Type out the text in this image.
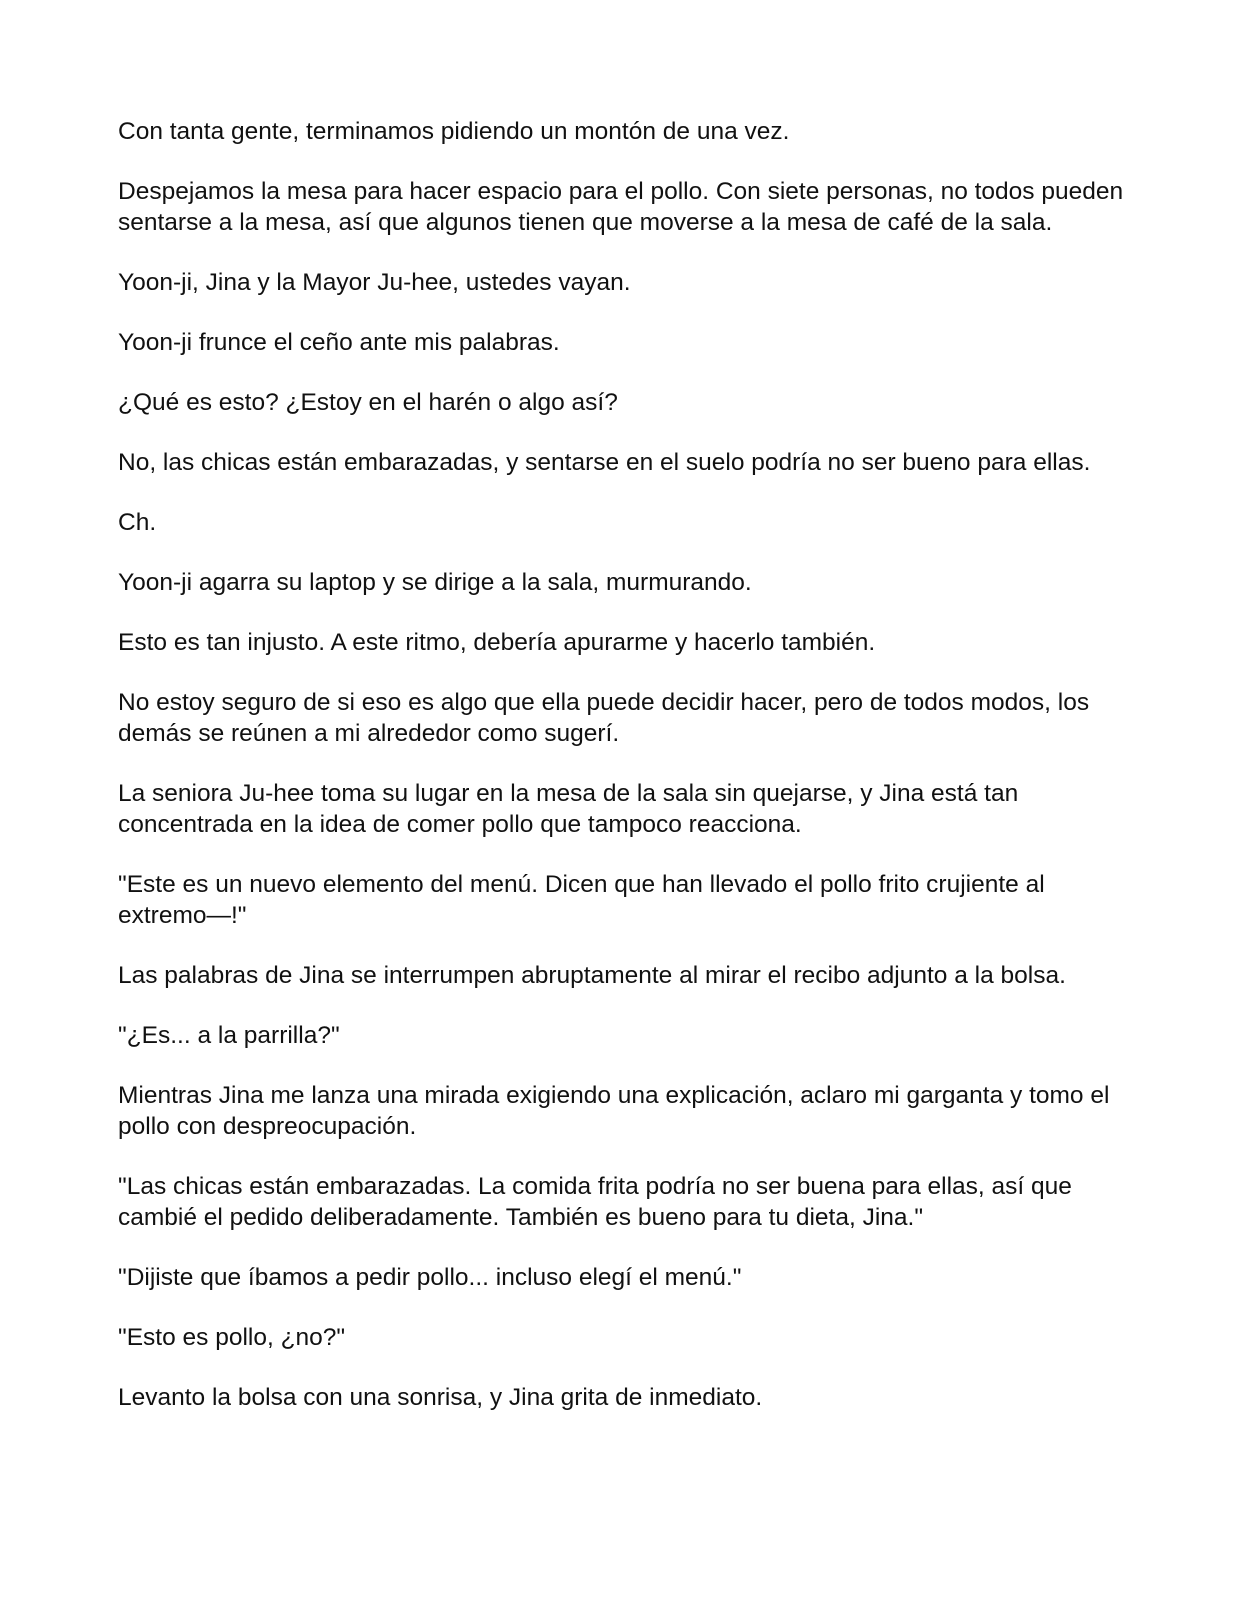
Con tanta gente, terminamos pidiendo un montón de una vez.

Despejamos la mesa para hacer espacio para el pollo. Con siete personas, no todos pueden sentarse a la mesa, así que algunos tienen que moverse a la mesa de café de la sala.

Yoon-ji, Jina y la Mayor Ju-hee, ustedes vayan.

Yoon-ji frunce el ceño ante mis palabras.

¿Qué es esto? ¿Estoy en el harén o algo así?

No, las chicas están embarazadas, y sentarse en el suelo podría no ser bueno para ellas.

Ch.

Yoon-ji agarra su laptop y se dirige a la sala, murmurando.

Esto es tan injusto. A este ritmo, debería apurarme y hacerlo también.

No estoy seguro de si eso es algo que ella puede decidir hacer, pero de todos modos, los demás se reúnen a mi alrededor como sugerí.

La seniora Ju-hee toma su lugar en la mesa de la sala sin quejarse, y Jina está tan concentrada en la idea de comer pollo que tampoco reacciona.

"Este es un nuevo elemento del menú. Dicen que han llevado el pollo frito crujiente al extremo—!"

Las palabras de Jina se interrumpen abruptamente al mirar el recibo adjunto a la bolsa.

"¿Es... a la parrilla?"

Mientras Jina me lanza una mirada exigiendo una explicación, aclaro mi garganta y tomo el pollo con despreocupación.

"Las chicas están embarazadas. La comida frita podría no ser buena para ellas, así que cambié el pedido deliberadamente. También es bueno para tu dieta, Jina."

"Dijiste que íbamos a pedir pollo... incluso elegí el menú."

"Esto es pollo, ¿no?"

Levanto la bolsa con una sonrisa, y Jina grita de inmediato.
